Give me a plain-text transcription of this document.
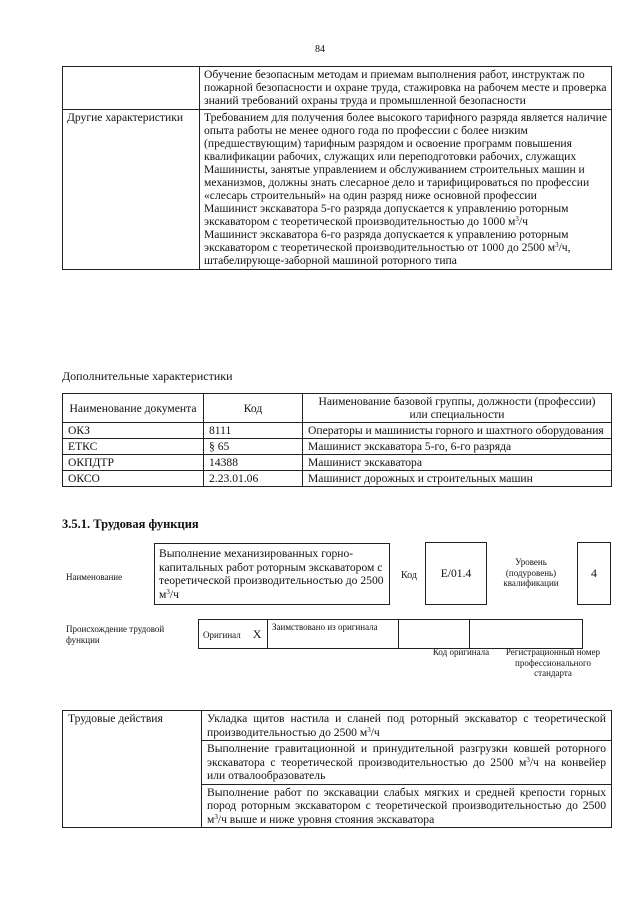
84

	Обучение безопасным методам и приемам выполнения работ, инструктаж по пожарной безопасности и охране труда, стажировка на рабочем месте и проверка знаний требований охраны труда и промышленной безопасности

Другие характеристики	Требованием для получения более высокого тарифного разряда является наличие опыта работы не менее одного года по профессии с более низким (предшествующим) тарифным разрядом и освоение программ повышения квалификации рабочих, служащих или переподготовки рабочих, служащих
Машинисты, занятые управлением и обслуживанием строительных машин и механизмов, должны знать слесарное дело и тарифицироваться по профессии «слесарь строительный» на один разряд ниже основной профессии
Машинист экскаватора 5-го разряда допускается к управлению роторным экскаватором с теоретической производительностью до 1000 $м^3/ч$
Машинист экскаватора 6-го разряда допускается к управлению роторным экскаватором с теоретической производительностью от 1000 до 2500 $м^3/ч$, штабелирующе-заборной машиной роторного типа
Дополнительные характеристики
Наименование документа	Код	Наименование базовой группы, должности (профессии) или специальности
ОКЗ	8111	Операторы и машинисты горного и шахтного оборудования
ЕТКС	§ 65	Машинист экскаватора 5-го, 6-го разряда
ОКПДТР	14388	Машинист экскаватора
ОКСО	2.23.01.06	Машинист дорожных и строительных машин
3.5.1. Трудовая функция
Наименование
Выполнение механизированных горно-капитальных работ роторным экскаватором с теоретической производительностью до 2500 $м^3/ч$
Код	E/01.4
Уровень (подуровень) квалификации
4
Происхождение трудовой функции	Оригинал X	Заимствовано из оригинала		
Код оригинала	Регистрационный номер профессионального стандарта
Трудовые действия	Укладка щитов настила и сланей под роторный экскаватор с теоретической производительностью до 2500 $м^3/ч$
Выполнение гравитационной и принудительной разгрузки ковшей роторного экскаватора с теоретической производительностью до 2500 $м^3/ч$ на конвейер или отвалообразователь
Выполнение работ по экскавации слабых мягких и средней крепости горных пород роторным экскаватором с теоретической производительностью до 2500 $м^3/ч$ выше и ниже уровня стояния экскаватора
